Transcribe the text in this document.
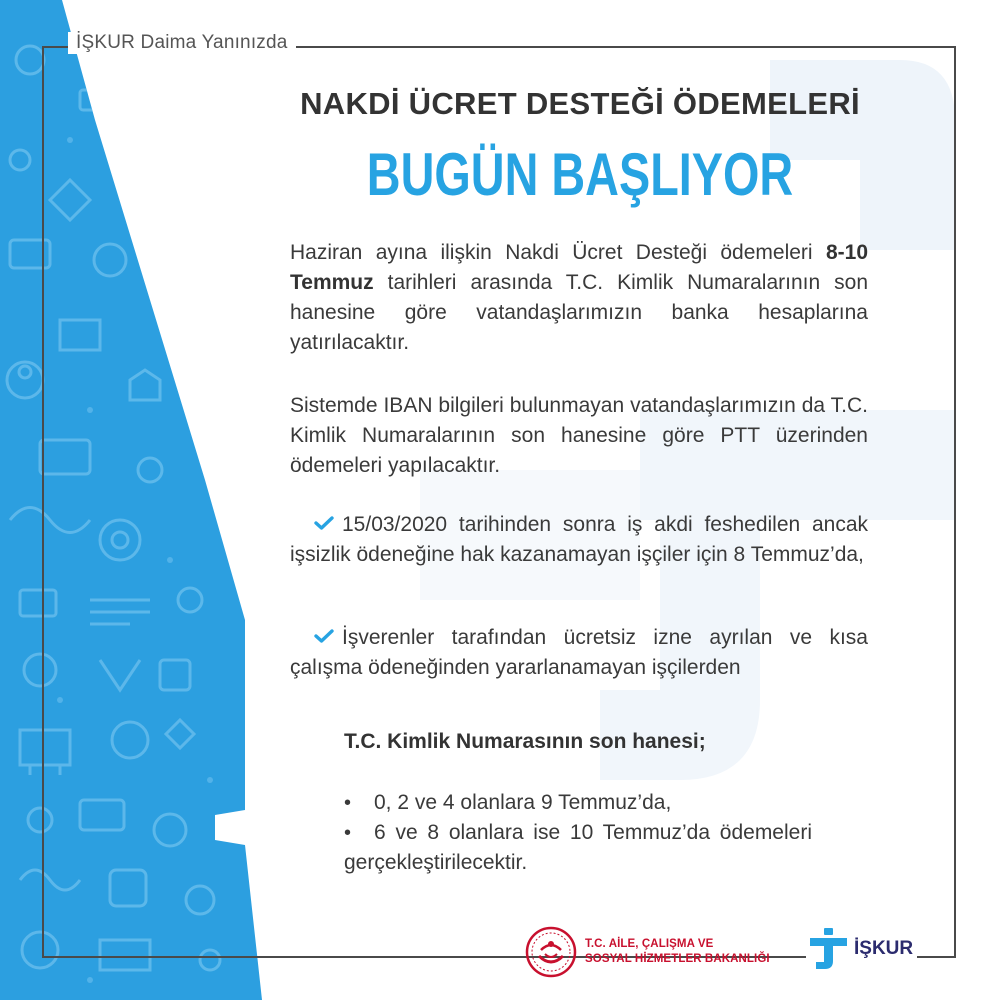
İŞKUR Daima Yanınızda
NAKDİ ÜCRET DESTEĞİ ÖDEMELERİ
BUGÜN BAŞLIYOR
Haziran ayına ilişkin Nakdi Ücret Desteği ödemeleri 8-10 Temmuz tarihleri arasında T.C. Kimlik Numaralarının son hanesine göre vatandaşlarımızın banka hesaplarına yatırılacaktır.
Sistemde IBAN bilgileri bulunmayan vatandaşlarımızın da T.C. Kimlik Numaralarının son hanesine göre PTT üzerinden ödemeleri yapılacaktır.
15/03/2020 tarihinden sonra iş akdi feshedilen ancak işsizlik ödeneğine hak kazanamayan işçiler için 8 Temmuz’da,
İşverenler tarafından ücretsiz izne ayrılan ve kısa çalışma ödeneğinden yararlanamayan işçilerden
T.C. Kimlik Numarasının son hanesi;
• 0, 2 ve 4 olanlara 9 Temmuz’da,
• 6 ve 8 olanlara ise 10 Temmuz’da ödemeleri gerçekleştirilecektir.
T.C. AİLE, ÇALIŞMA VE
SOSYAL HİZMETLER BAKANLIĞI	İŞKUR
